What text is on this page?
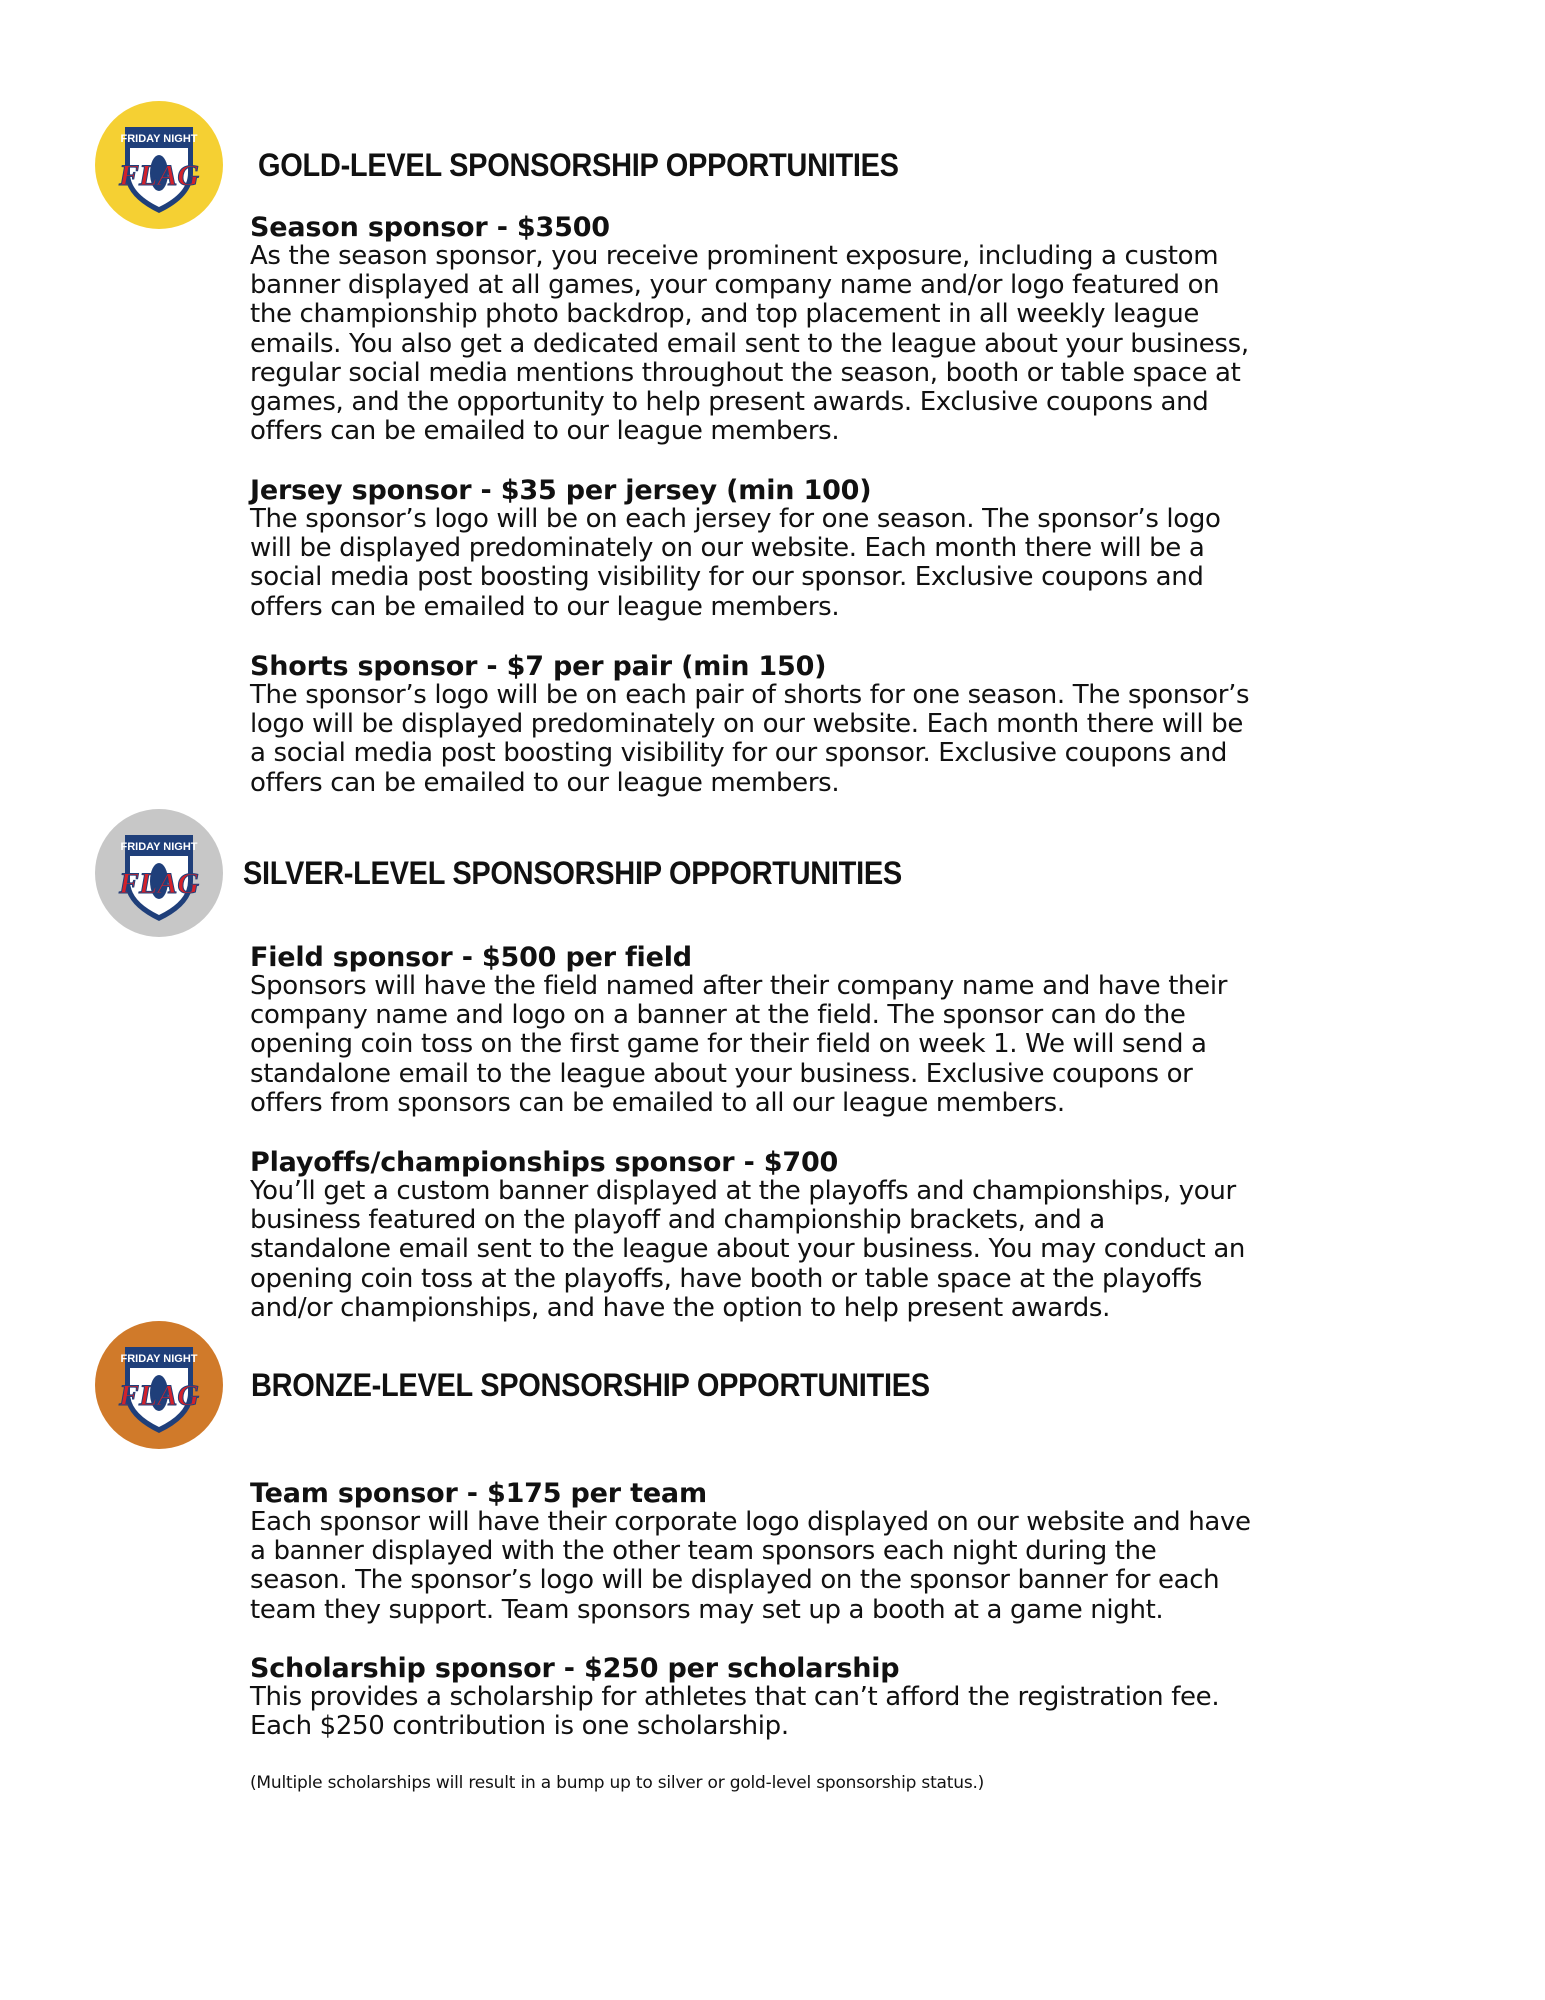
FRIDAY NIGHT
FLAG
FRIDAY NIGHT
FLAG
FRIDAY NIGHT
FLAG
GOLD-LEVEL SPONSORSHIP OPPORTUNITIES
SILVER-LEVEL SPONSORSHIP OPPORTUNITIES
BRONZE-LEVEL SPONSORSHIP OPPORTUNITIES
Season sponsor - $3500
As the season sponsor, you receive prominent exposure, including a custom
banner displayed at all games, your company name and/or logo featured on
the championship photo backdrop, and top placement in all weekly league
emails. You also get a dedicated email sent to the league about your business,
regular social media mentions throughout the season, booth or table space at
games, and the opportunity to help present awards. Exclusive coupons and
offers can be emailed to our league members.
Jersey sponsor - $35 per jersey (min 100)
The sponsor’s logo will be on each jersey for one season. The sponsor’s logo
will be displayed predominately on our website. Each month there will be a
social media post boosting visibility for our sponsor. Exclusive coupons and
offers can be emailed to our league members.
Shorts sponsor - $7 per pair (min 150)
The sponsor’s logo will be on each pair of shorts for one season. The sponsor’s
logo will be displayed predominately on our website. Each month there will be
a social media post boosting visibility for our sponsor. Exclusive coupons and
offers can be emailed to our league members.
Field sponsor - $500 per field
Sponsors will have the field named after their company name and have their
company name and logo on a banner at the field. The sponsor can do the
opening coin toss on the first game for their field on week 1. We will send a
standalone email to the league about your business. Exclusive coupons or
offers from sponsors can be emailed to all our league members.
Playoffs/championships sponsor - $700
You’ll get a custom banner displayed at the playoffs and championships, your
business featured on the playoff and championship brackets, and a
standalone email sent to the league about your business. You may conduct an
opening coin toss at the playoffs, have booth or table space at the playoffs
and/or championships, and have the option to help present awards.
Team sponsor - $175 per team
Each sponsor will have their corporate logo displayed on our website and have
a banner displayed with the other team sponsors each night during the
season. The sponsor’s logo will be displayed on the sponsor banner for each
team they support. Team sponsors may set up a booth at a game night.
Scholarship sponsor - $250 per scholarship
This provides a scholarship for athletes that can’t afford the registration fee.
Each $250 contribution is one scholarship.
(Multiple scholarships will result in a bump up to silver or gold-level sponsorship status.)
